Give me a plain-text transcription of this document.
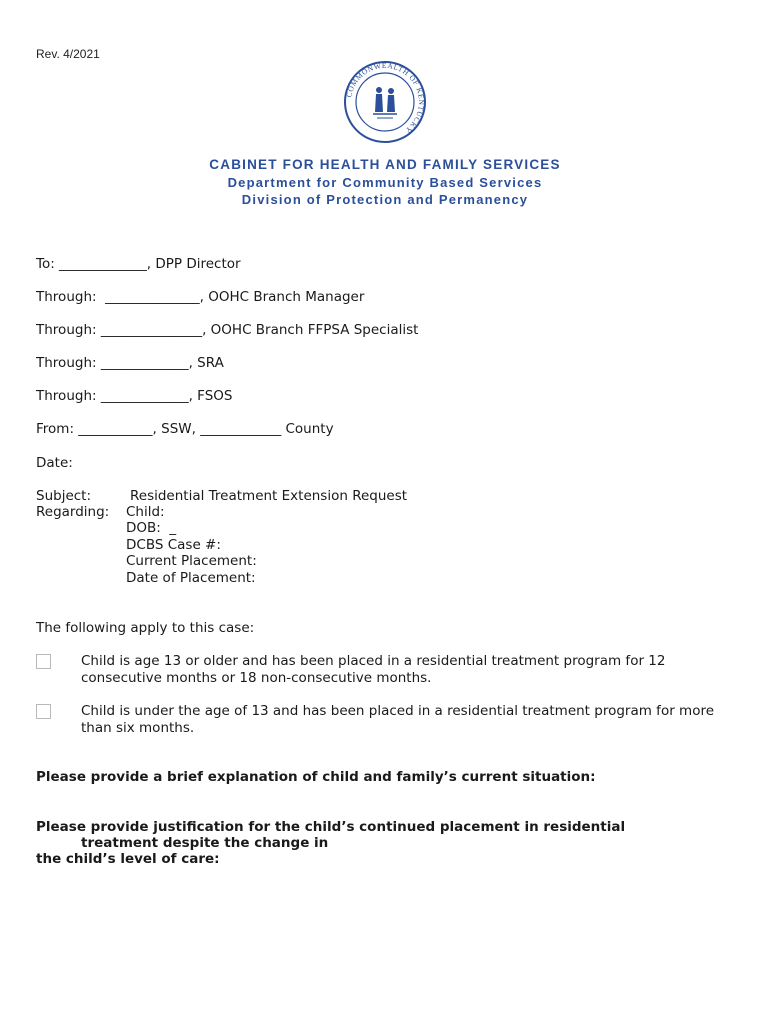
Rev. 4/2021
COMMONWEALTH OF KENTUCKY
CABINET FOR HEALTH AND FAMILY SERVICES
Department for Community Based Services
Division of Protection and Permanency
To: _____________, DPP Director
Through:  ______________, OOHC Branch Manager
Through: _______________, OOHC Branch FFPSA Specialist
Through: _____________, SRA
Through: _____________, FSOS
From: ___________, SSW, ____________ County
Date:
Subject:	Residential Treatment Extension Request
Regarding: Child:
DOB:  _
DCBS Case #:
Current Placement:
Date of Placement:
The following apply to this case:
Child is age 13 or older and has been placed in a residential treatment program for 12 consecutive months or 18 non-consecutive months.
Child is under the age of 13 and has been placed in a residential treatment program for more than six months.
Please provide a brief explanation of child and family’s current situation:
Please provide justification for the child’s continued placement in residential
treatment despite the change in
the child’s level of care:
